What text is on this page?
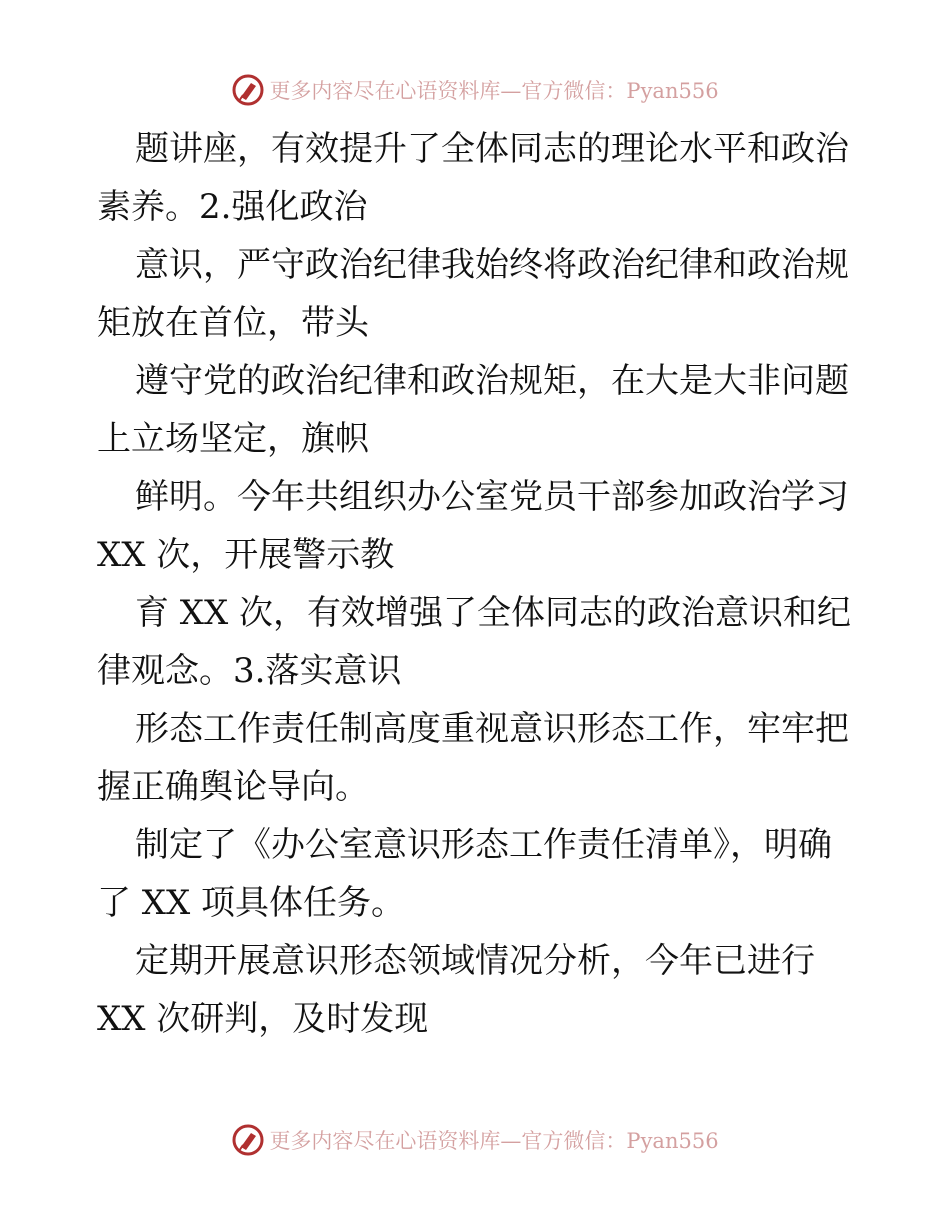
更多内容尽在心语资料库—官方微信：Pyan556

题讲座，有效提升了全体同志的理论水平和政治

素养。2.强化政治

意识，严守政治纪律我始终将政治纪律和政治规

矩放在首位，带头

遵守党的政治纪律和政治规矩，在大是大非问题

上立场坚定，旗帜

鲜明。今年共组织办公室党员干部参加政治学习

XX 次，开展警示教

育 XX 次，有效增强了全体同志的政治意识和纪

律观念。3.落实意识

形态工作责任制高度重视意识形态工作，牢牢把

握正确舆论导向。

制定了《办公室意识形态工作责任清单》，明确

了 XX 项具体任务。

定期开展意识形态领域情况分析，今年已进行

XX 次研判，及时发现

更多内容尽在心语资料库—官方微信：Pyan556
